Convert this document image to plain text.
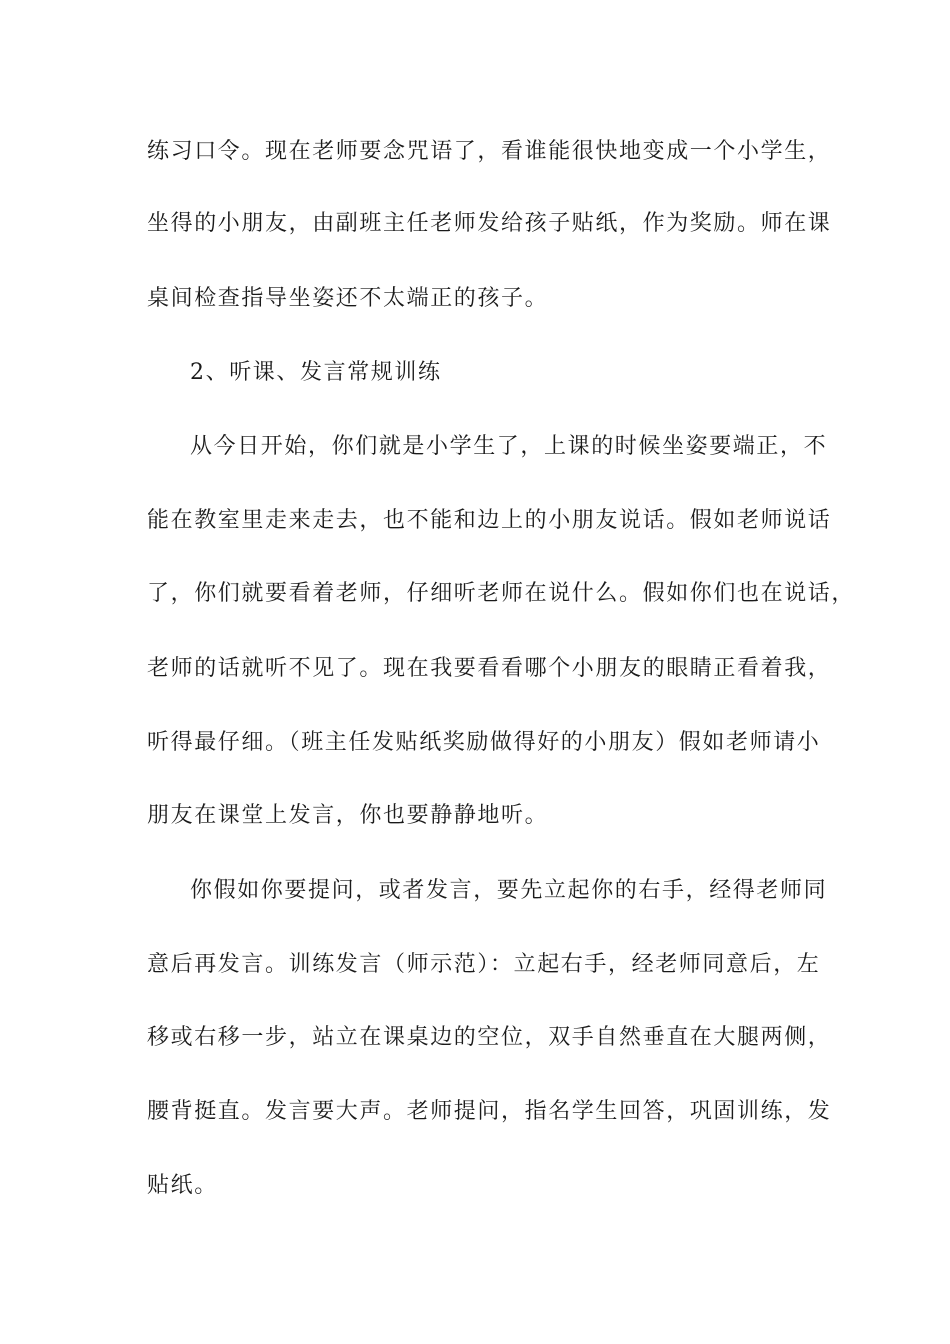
练习口令。现在老师要念咒语了，看谁能很快地变成一个小学生，
坐得的小朋友，由副班主任老师发给孩子贴纸，作为奖励。师在课
桌间检查指导坐姿还不太端正的孩子。
2、听课、发言常规训练
从今日开始，你们就是小学生了，上课的时候坐姿要端正，不
能在教室里走来走去，也不能和边上的小朋友说话。假如老师说话
了，你们就要看着老师，仔细听老师在说什么。假如你们也在说话，
老师的话就听不见了。现在我要看看哪个小朋友的眼睛正看着我，
听得最仔细。（班主任发贴纸奖励做得好的小朋友）假如老师请小
朋友在课堂上发言，你也要静静地听。
你假如你要提问，或者发言，要先立起你的右手，经得老师同
意后再发言。训练发言（师示范）：立起右手，经老师同意后，左
移或右移一步，站立在课桌边的空位，双手自然垂直在大腿两侧，
腰背挺直。发言要大声。老师提问，指名学生回答，巩固训练，发
贴纸。
